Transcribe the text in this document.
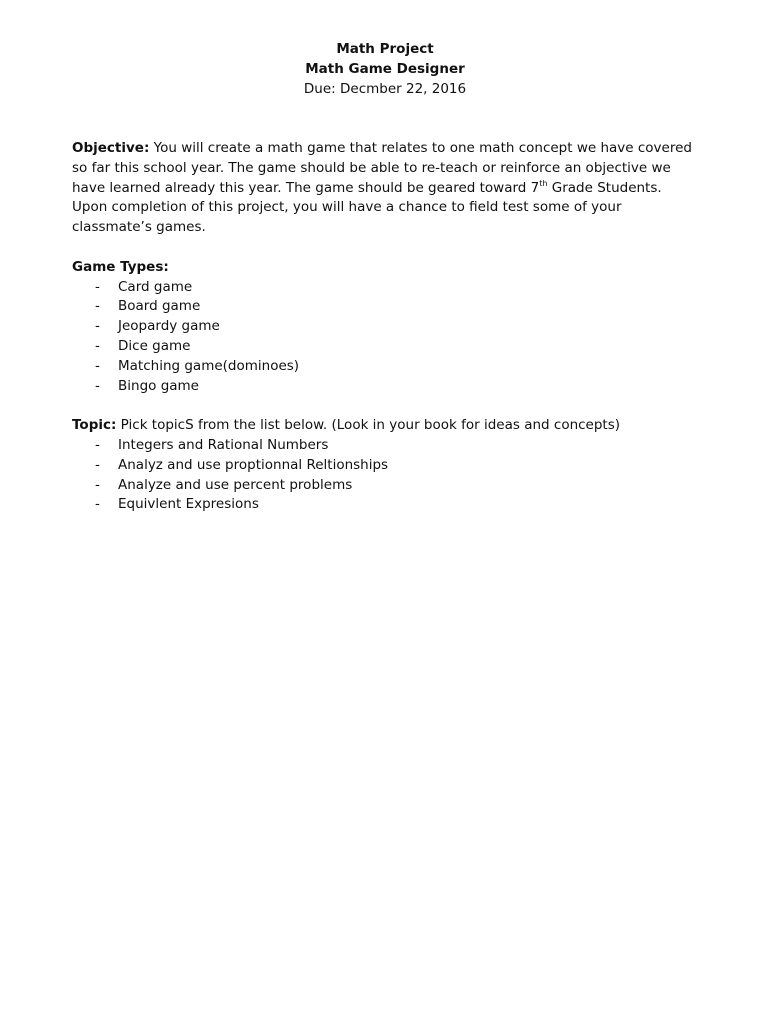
Math Project
Math Game Designer
Due: Decmber 22, 2016

Objective: You will create a math game that relates to one math concept we have covered so far this school year. The game should be able to re-teach or reinforce an objective we have learned already this year. The game should be geared toward 7th Grade Students.

Upon completion of this project, you will have a chance to field test some of your classmate’s games.

Game Types:
- Card game
- Board game
- Jeopardy game
- Dice game
- Matching game(dominoes)
- Bingo game

Topic: Pick topicS from the list below. (Look in your book for ideas and concepts)

- Integers and Rational Numbers
- Analyz and use proptionnal Reltionships
- Analyze and use percent problems
- Equivlent Expresions
